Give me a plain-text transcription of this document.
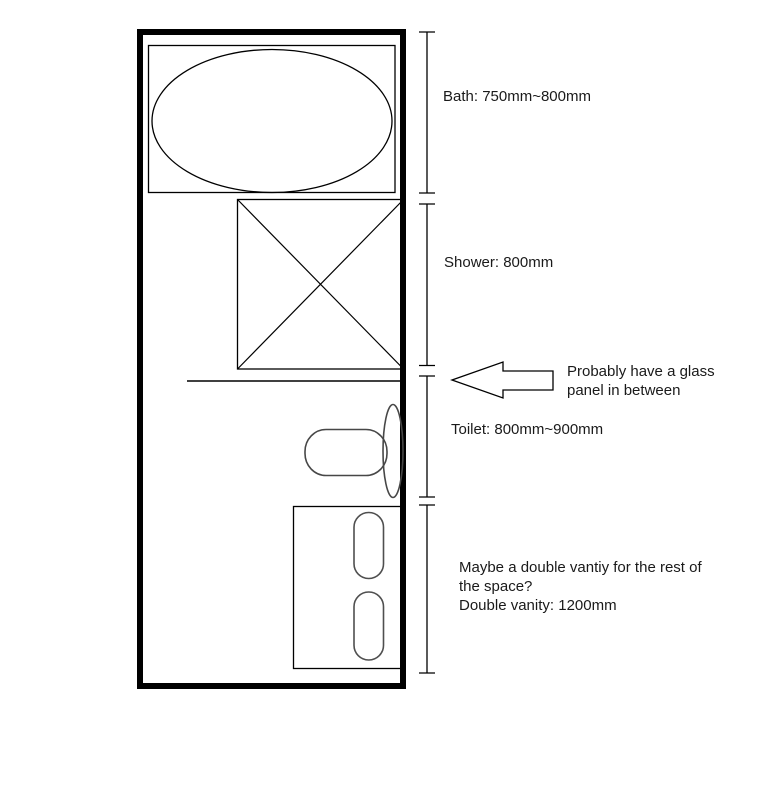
Bath: 750mm~800mm
Shower: 800mm
Probably have a glass panel in between
Toilet: 800mm~900mm
Maybe a double vantiy for the rest of the space?
Double vanity: 1200mm
